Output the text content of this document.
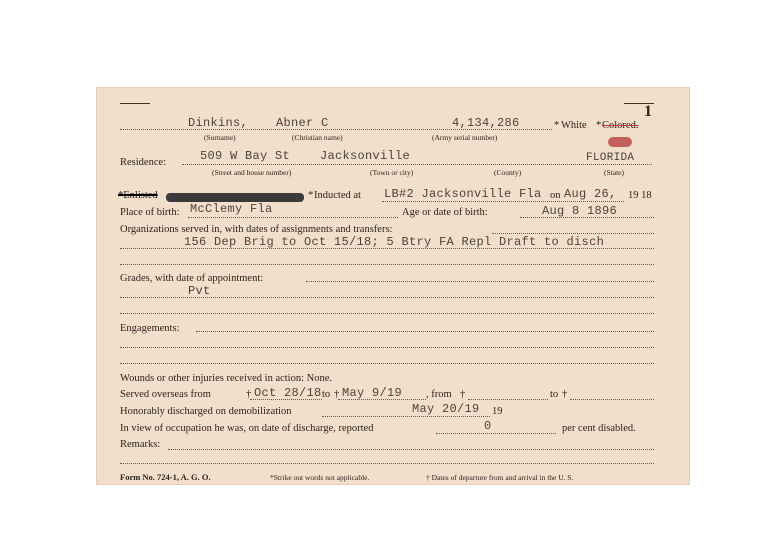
1
Dinkins, Abner C	4,134,286	* White * Colored.
(Surname)	(Christian name)	(Army serial number)
Residence:	509 W Bay St Jacksonville	FLORIDA
(Street and house number)	(Town or city)	(County)	(State)
*Enlisted	* Inducted at LB#2 Jacksonville Fla on Aug 26, 19 18
Place of birth: McClemy Fla	Age or date of birth:	Aug 8 1896
Organizations served in, with dates of assignments and transfers:
156 Dep Brig to Oct 15/18; 5 Btry FA Repl Draft to disch
Grades, with date of appointment:
Pvt
Engagements:
Wounds or other injuries received in action: None.
Served overseas from	† Oct 28/18 to † May 9/19 , from †	to †
Honorably discharged on demobilization	May 20/19 19
In view of occupation he was, on date of discharge, reported	0	per cent disabled.
Remarks:
Form No. 724-1, A. G. O.	*Strike out words not applicable.	† Dates of departure from and arrival in the U. S.
